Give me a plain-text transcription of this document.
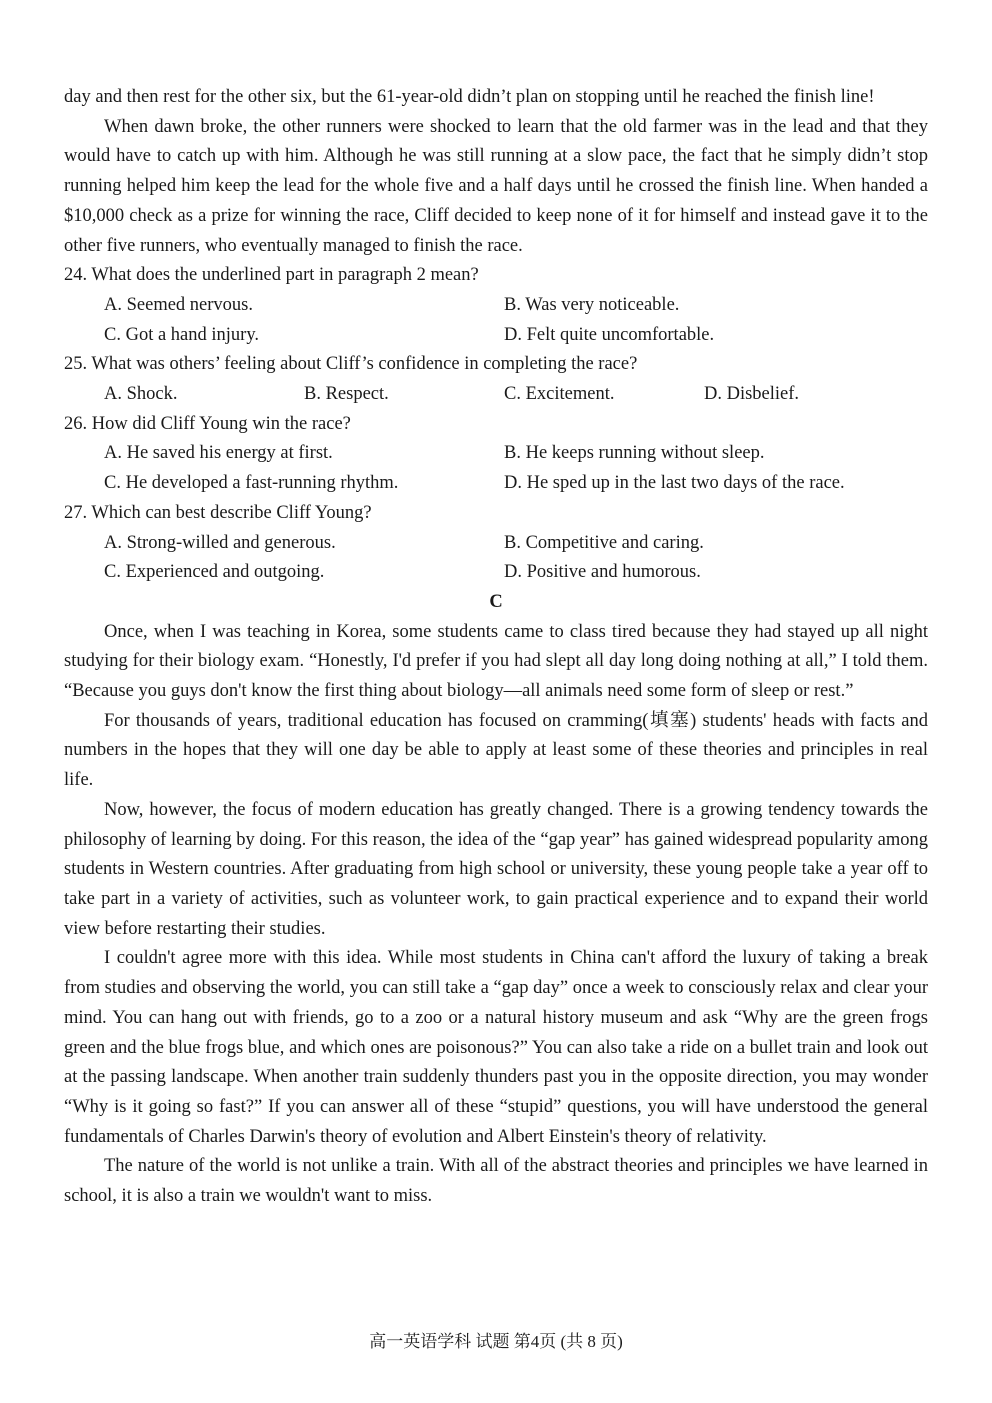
day and then rest for the other six, but the 61-year-old didn’t plan on stopping until he reached the finish line!

When dawn broke, the other runners were shocked to learn that the old farmer was in the lead and that they would have to catch up with him. Although he was still running at a slow pace, the fact that he simply didn’t stop running helped him keep the lead for the whole five and a half days until he crossed the finish line. When handed a $10,000 check as a prize for winning the race, Cliff decided to keep none of it for himself and instead gave it to the other five runners, who eventually managed to finish the race.

24. What does the underlined part in paragraph 2 mean?

A. Seemed nervous.	B. Was very noticeable.
C. Got a hand injury.	D. Felt quite uncomfortable.

25. What was others’ feeling about Cliff’s confidence in completing the race?

A. Shock.	B. Respect.	C. Excitement.	D. Disbelief.

26. How did Cliff Young win the race?

A. He saved his energy at first.	B. He keeps running without sleep.
C. He developed a fast-running rhythm.	D. He sped up in the last two days of the race.

27. Which can best describe Cliff Young?

A. Strong-willed and generous.	B. Competitive and caring.
C. Experienced and outgoing.	D. Positive and humorous.

C

Once, when I was teaching in Korea, some students came to class tired because they had stayed up all night studying for their biology exam. “Honestly, I'd prefer if you had slept all day long doing nothing at all,” I told them. “Because you guys don't know the first thing about biology—all animals need some form of sleep or rest.”

For thousands of years, traditional education has focused on cramming(填塞) students' heads with facts and numbers in the hopes that they will one day be able to apply at least some of these theories and principles in real life.

Now, however, the focus of modern education has greatly changed. There is a growing tendency towards the philosophy of learning by doing. For this reason, the idea of the “gap year” has gained widespread popularity among students in Western countries. After graduating from high school or university, these young people take a year off to take part in a variety of activities, such as volunteer work, to gain practical experience and to expand their world view before restarting their studies.

I couldn't agree more with this idea. While most students in China can't afford the luxury of taking a break from studies and observing the world, you can still take a “gap day” once a week to consciously relax and clear your mind. You can hang out with friends, go to a zoo or a natural history museum and ask “Why are the green frogs green and the blue frogs blue, and which ones are poisonous?” You can also take a ride on a bullet train and look out at the passing landscape. When another train suddenly thunders past you in the opposite direction, you may wonder “Why is it going so fast?” If you can answer all of these “stupid” questions, you will have understood the general fundamentals of Charles Darwin's theory of evolution and Albert Einstein's theory of relativity.

The nature of the world is not unlike a train. With all of the abstract theories and principles we have learned in school, it is also a train we wouldn't want to miss.

高一英语学科 试题 第4页 (共 8 页)
